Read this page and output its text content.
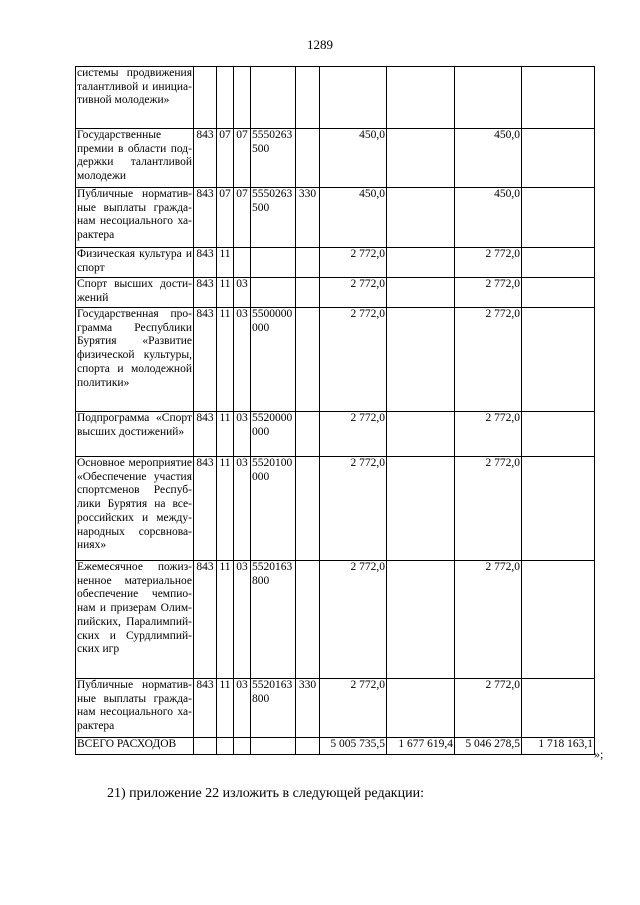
1289
системы продвижения талантливой и инициативной молодежи»									
Государственные премии в области поддержки талантливой молодежи	843	07	07	5550263500		450,0		450,0	
Публичные нормативные выплаты гражданам несоциального характера	843	07	07	5550263500	330	450,0		450,0	
Физическая культура и спорт	843	11				2 772,0		2 772,0	
Спорт высших достижений	843	11	03			2 772,0		2 772,0	
Государственная программа Республики Бурятия «Развитие физической культуры, спорта и молодежной политики»	843	11	03	5500000000		2 772,0		2 772,0	
Подпрограмма «Спорт высших достижений»	843	11	03	5520000000		2 772,0		2 772,0	
Основное мероприятие «Обеспечение участия спортсменов Республики Бурятия на всероссийских и международных сорсвнованиях»	843	11	03	5520100000		2 772,0		2 772,0	
Ежемесячное пожизненное материальное обеспечение чемпионам и призерам Олимпийских, Паралимпийских и Сурдлимпийских игр	843	11	03	5520163800		2 772,0		2 772,0	
Публичные нормативные выплаты гражданам несоциального характера	843	11	03	5520163800	330	2 772,0		2 772,0	
ВСЕГО РАСХОДОВ						5 005 735,5	1 677 619,4	5 046 278,5	1 718 163,1
»;
21) приложение 22 изложить в следующей редакции:
